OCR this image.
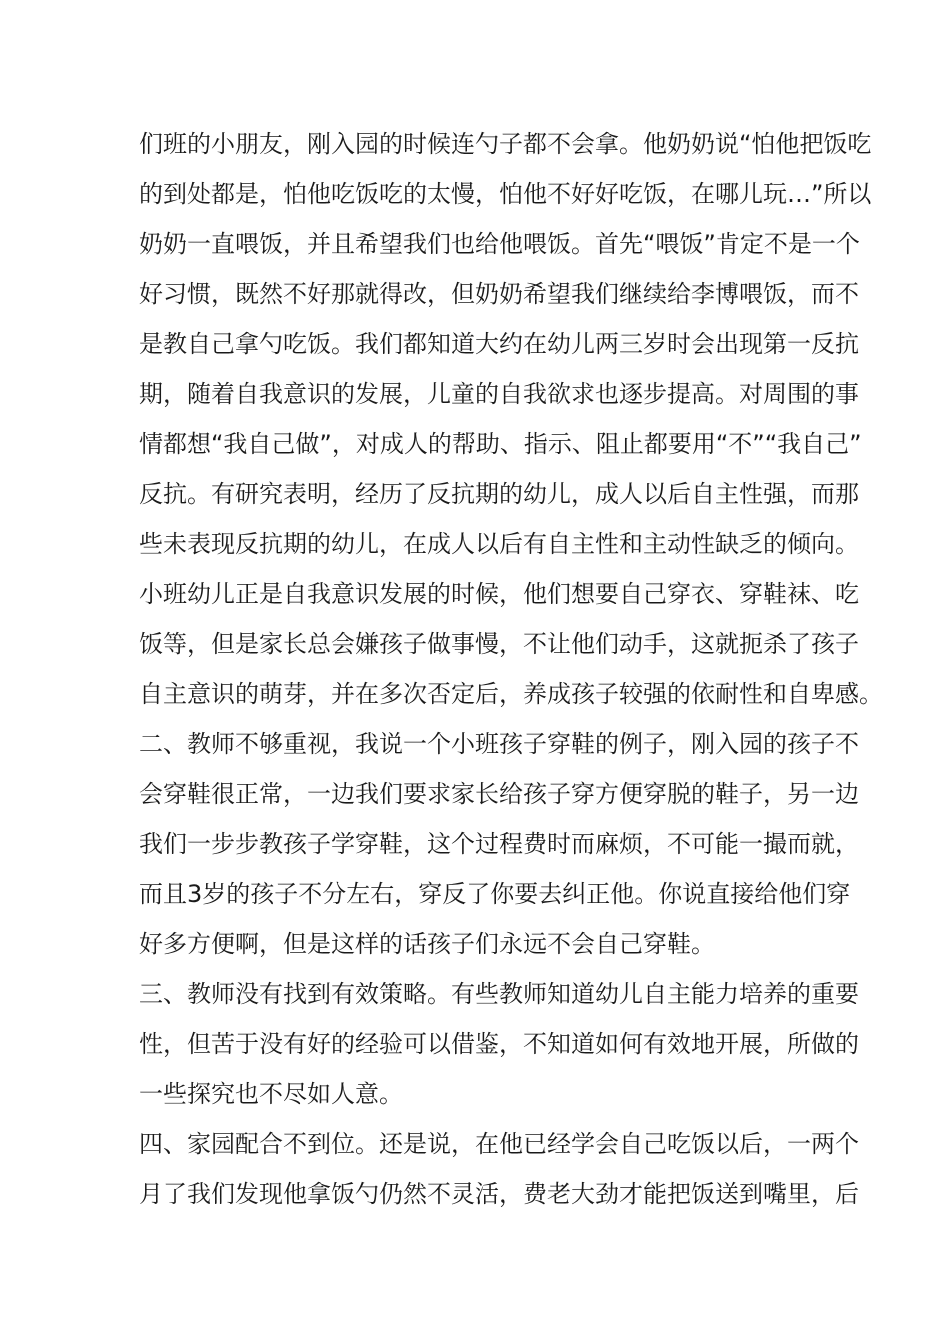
们班的小朋友，刚入园的时候连勺子都不会拿。他奶奶说“怕他把饭吃
的到处都是，怕他吃饭吃的太慢，怕他不好好吃饭，在哪儿玩…”所以
奶奶一直喂饭，并且希望我们也给他喂饭。首先“喂饭”肯定不是一个
好习惯，既然不好那就得改，但奶奶希望我们继续给李博喂饭，而不
是教自己拿勺吃饭。我们都知道大约在幼儿两三岁时会出现第一反抗
期，随着自我意识的发展，儿童的自我欲求也逐步提高。对周围的事
情都想“我自己做”，对成人的帮助、指示、阻止都要用“不”“我自己”
反抗。有研究表明，经历了反抗期的幼儿，成人以后自主性强，而那
些未表现反抗期的幼儿，在成人以后有自主性和主动性缺乏的倾向。
小班幼儿正是自我意识发展的时候，他们想要自己穿衣、穿鞋袜、吃
饭等，但是家长总会嫌孩子做事慢，不让他们动手，这就扼杀了孩子
自主意识的萌芽，并在多次否定后，养成孩子较强的依耐性和自卑感。
二、教师不够重视，我说一个小班孩子穿鞋的例子，刚入园的孩子不
会穿鞋很正常，一边我们要求家长给孩子穿方便穿脱的鞋子，另一边
我们一步步教孩子学穿鞋，这个过程费时而麻烦，不可能一撮而就，
而且3岁的孩子不分左右，穿反了你要去纠正他。你说直接给他们穿
好多方便啊，但是这样的话孩子们永远不会自己穿鞋。
三、教师没有找到有效策略。有些教师知道幼儿自主能力培养的重要
性，但苦于没有好的经验可以借鉴，不知道如何有效地开展，所做的
一些探究也不尽如人意。
四、家园配合不到位。还是说，在他已经学会自己吃饭以后，一两个
月了我们发现他拿饭勺仍然不灵活，费老大劲才能把饭送到嘴里，后
